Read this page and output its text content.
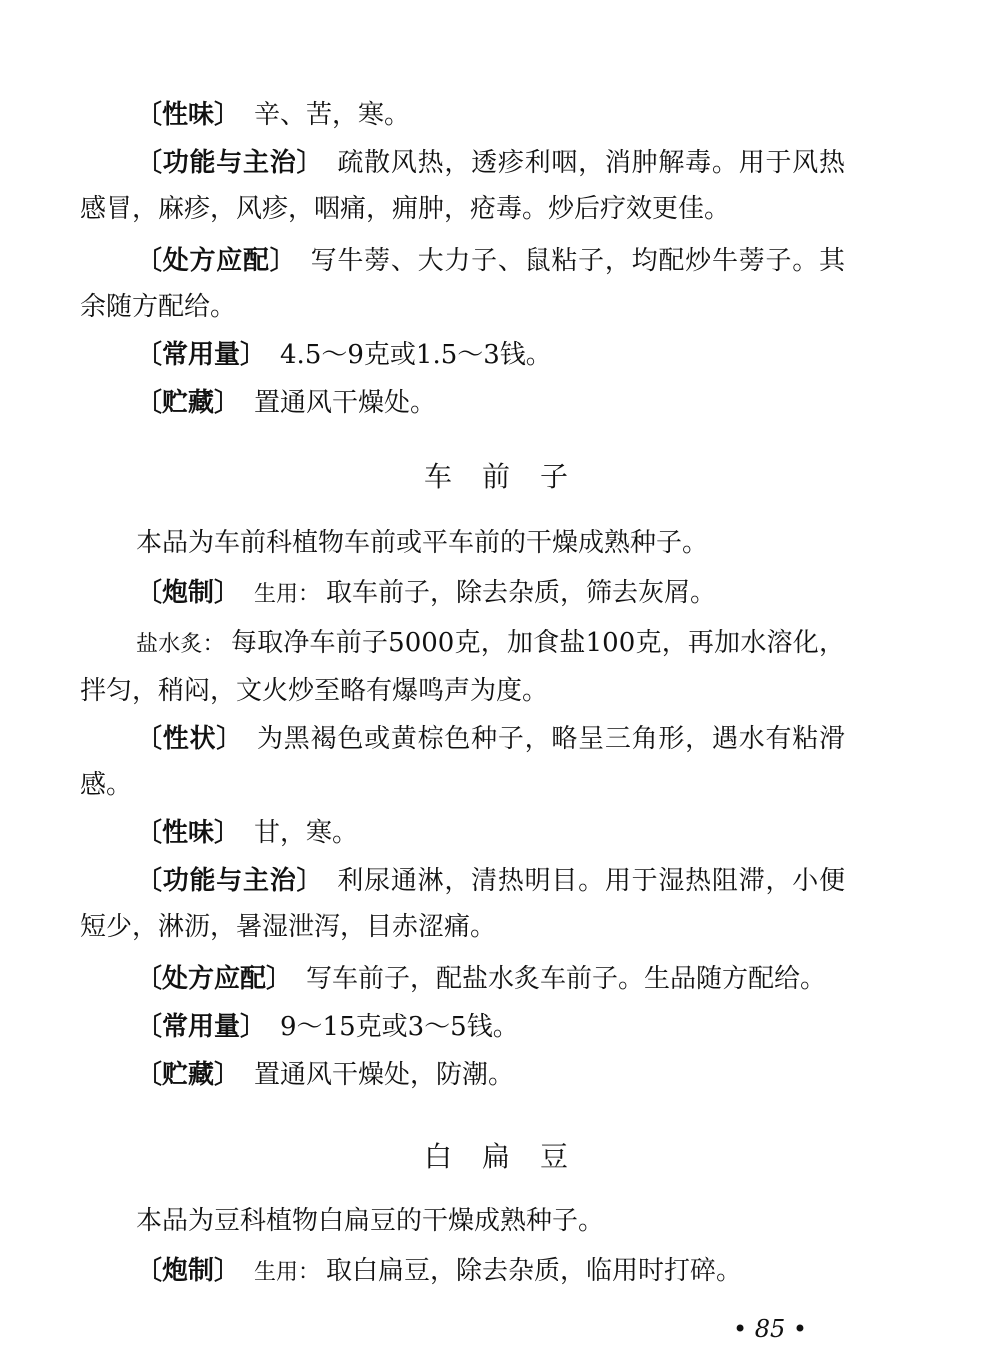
〔性味〕 辛、苦，寒。

〔功能与主治〕 疏散风热，透疹利咽，消肿解毒。用于风热感冒，麻疹，风疹，咽痛，痈肿，疮毒。炒后疗效更佳。

〔处方应配〕 写牛蒡、大力子、鼠粘子，均配炒牛蒡子。其余随方配给。

〔常用量〕 4.5～9克或1.5～3钱。

〔贮藏〕 置通风干燥处。

车前子

本品为车前科植物车前或平车前的干燥成熟种子。

〔炮制〕 生用： 取车前子，除去杂质，筛去灰屑。

盐水炙： 每取净车前子5000克，加食盐100克，再加水溶化，拌匀，稍闷，文火炒至略有爆鸣声为度。

〔性状〕 为黑褐色或黄棕色种子，略呈三角形，遇水有粘滑感。

〔性味〕 甘，寒。

〔功能与主治〕 利尿通淋，清热明目。用于湿热阻滞，小便短少，淋沥，暑湿泄泻，目赤涩痛。

〔处方应配〕 写车前子，配盐水炙车前子。生品随方配给。

〔常用量〕 9～15克或3～5钱。

〔贮藏〕 置通风干燥处，防潮。

白扁豆

本品为豆科植物白扁豆的干燥成熟种子。

〔炮制〕 生用： 取白扁豆，除去杂质，临用时打碎。

• 85 •
